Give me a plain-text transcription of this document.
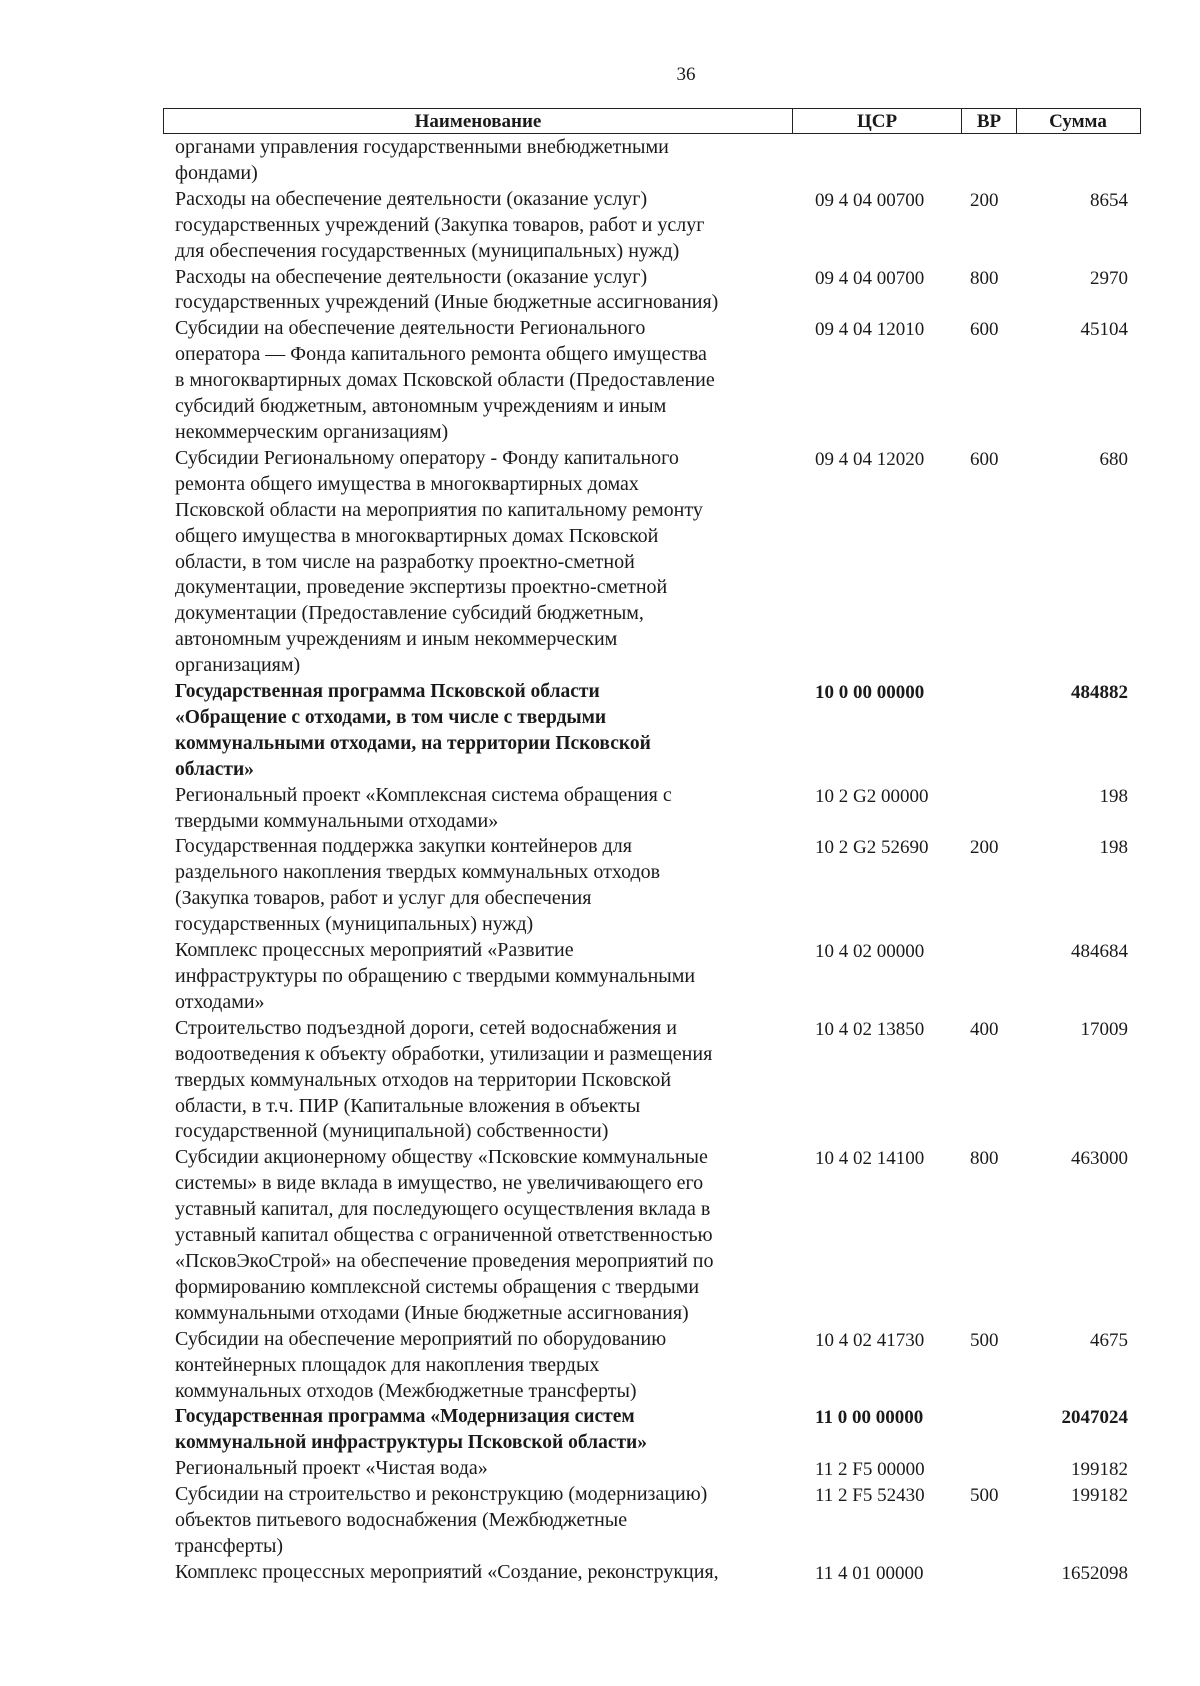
36
Наименование	ЦСР	ВР	Сумма
органами управления государственными внебюджетными
фондами)
Расходы на обеспечение деятельности (оказание услуг)
государственных учреждений (Закупка товаров, работ и услуг
для обеспечения государственных (муниципальных) нужд)
09 4 04 00700	200	8654
Расходы на обеспечение деятельности (оказание услуг)
государственных учреждений (Иные бюджетные ассигнования)
09 4 04 00700	800	2970
Субсидии на обеспечение деятельности Регионального
оператора — Фонда капитального ремонта общего имущества
в многоквартирных домах Псковской области (Предоставление
субсидий бюджетным, автономным учреждениям и иным
некоммерческим организациям)
09 4 04 12010	600	45104
Субсидии Региональному оператору - Фонду капитального
ремонта общего имущества в многоквартирных домах
Псковской области на мероприятия по капитальному ремонту
общего имущества в многоквартирных домах Псковской
области, в том числе на разработку проектно-сметной
документации, проведение экспертизы проектно-сметной
документации (Предоставление субсидий бюджетным,
автономным учреждениям и иным некоммерческим
организациям)
09 4 04 12020	600	680
Государственная программа Псковской области
«Обращение с отходами, в том числе с твердыми
коммунальными отходами, на территории Псковской
области»
10 0 00 00000	484882
Региональный проект «Комплексная система обращения с
твердыми коммунальными отходами»
10 2 G2 00000	198
Государственная поддержка закупки контейнеров для
раздельного накопления твердых коммунальных отходов
(Закупка товаров, работ и услуг для обеспечения
государственных (муниципальных) нужд)
10 2 G2 52690	200	198
Комплекс процессных мероприятий «Развитие
инфраструктуры по обращению с твердыми коммунальными
отходами»
10 4 02 00000	484684
Строительство подъездной дороги, сетей водоснабжения и
водоотведения к объекту обработки, утилизации и размещения
твердых коммунальных отходов на территории Псковской
области, в т.ч. ПИР (Капитальные вложения в объекты
государственной (муниципальной) собственности)
10 4 02 13850	400	17009
Субсидии акционерному обществу «Псковские коммунальные
системы» в виде вклада в имущество, не увеличивающего его
уставный капитал, для последующего осуществления вклада в
уставный капитал общества с ограниченной ответственностью
«ПсковЭкоСтрой» на обеспечение проведения мероприятий по
формированию комплексной системы обращения с твердыми
коммунальными отходами (Иные бюджетные ассигнования)
10 4 02 14100	800	463000
Субсидии на обеспечение мероприятий по оборудованию
контейнерных площадок для накопления твердых
коммунальных отходов (Межбюджетные трансферты)
10 4 02 41730	500	4675
Государственная программа «Модернизация систем
коммунальной инфраструктуры Псковской области»
11 0 00 00000	2047024
Региональный проект «Чистая вода»	11 2 F5 00000	199182
Субсидии на строительство и реконструкцию (модернизацию)
объектов питьевого водоснабжения (Межбюджетные
трансферты)
11 2 F5 52430	500	199182
Комплекс процессных мероприятий «Создание, реконструкция,	11 4 01 00000	1652098
